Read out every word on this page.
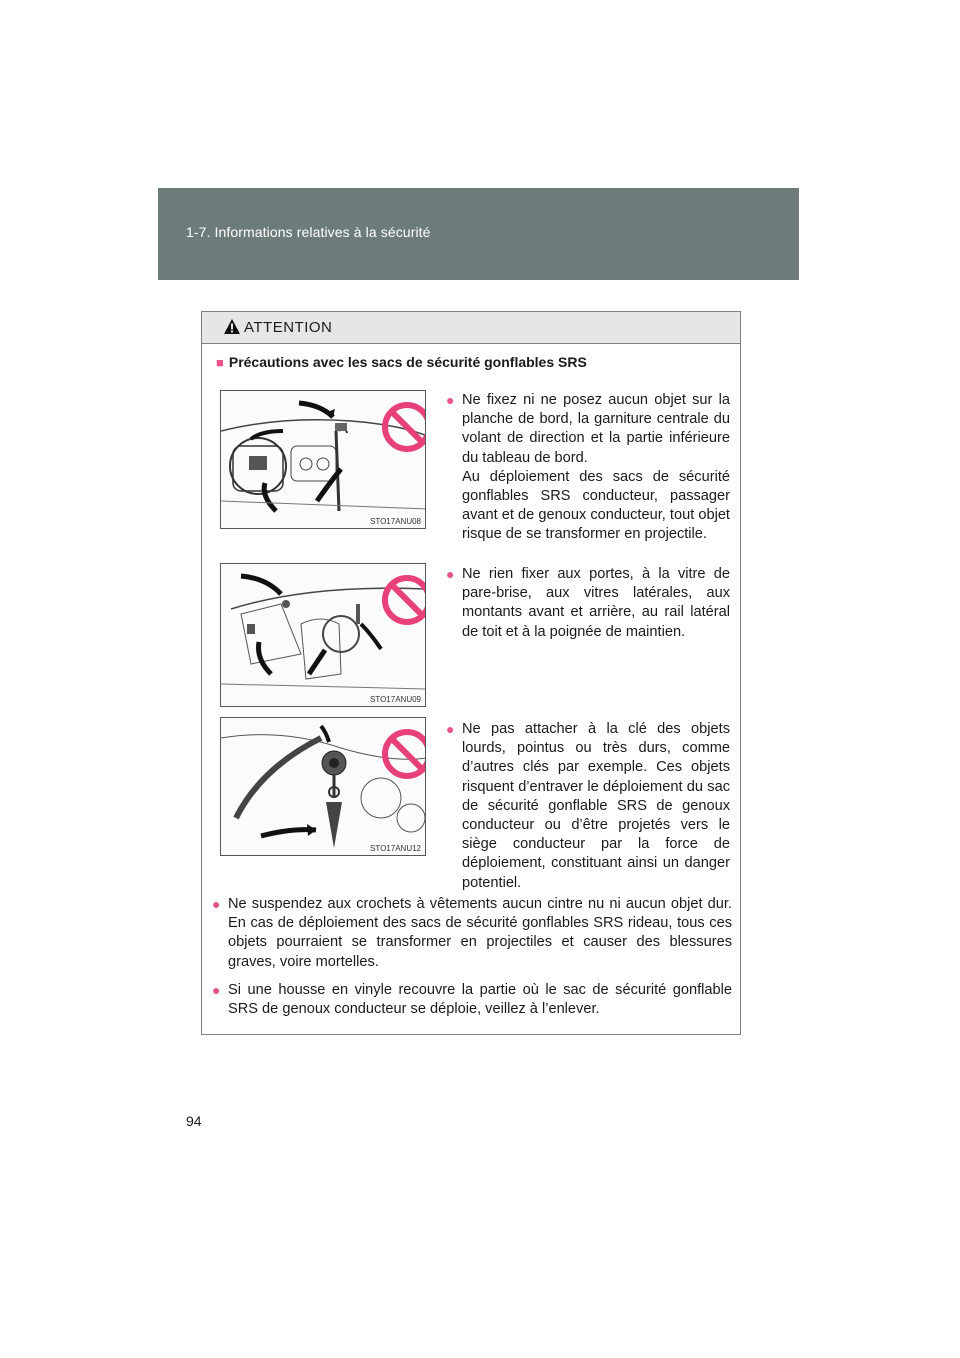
1-7. Informations relatives à la sécurité
ATTENTION
■ Précautions avec les sacs de sécurité gonflables SRS
STO17ANU08
STO17ANU09
STO17ANU12
● Ne fixez ni ne posez aucun objet sur la planche de bord, la garniture centrale du volant de direction et la partie inférieure du tableau de bord.
Au déploiement des sacs de sécurité gonflables SRS conducteur, passager avant et de genoux conducteur, tout objet risque de se transformer en projectile.
● Ne rien fixer aux portes, à la vitre de pare-brise, aux vitres latérales, aux montants avant et arrière, au rail latéral de toit et à la poignée de maintien.
● Ne pas attacher à la clé des objets lourds, pointus ou très durs, comme d’autres clés par exemple. Ces objets risquent d’entraver le déploiement du sac de sécurité gonflable SRS de genoux conducteur ou d’être projetés vers le siège conducteur par la force de déploiement, constituant ainsi un danger potentiel.
● Ne suspendez aux crochets à vêtements aucun cintre nu ni aucun objet dur. En cas de déploiement des sacs de sécurité gonflables SRS rideau, tous ces objets pourraient se transformer en projectiles et causer des blessures graves, voire mortelles.
● Si une housse en vinyle recouvre la partie où le sac de sécurité gonflable SRS de genoux conducteur se déploie, veillez à l’enlever.
94
